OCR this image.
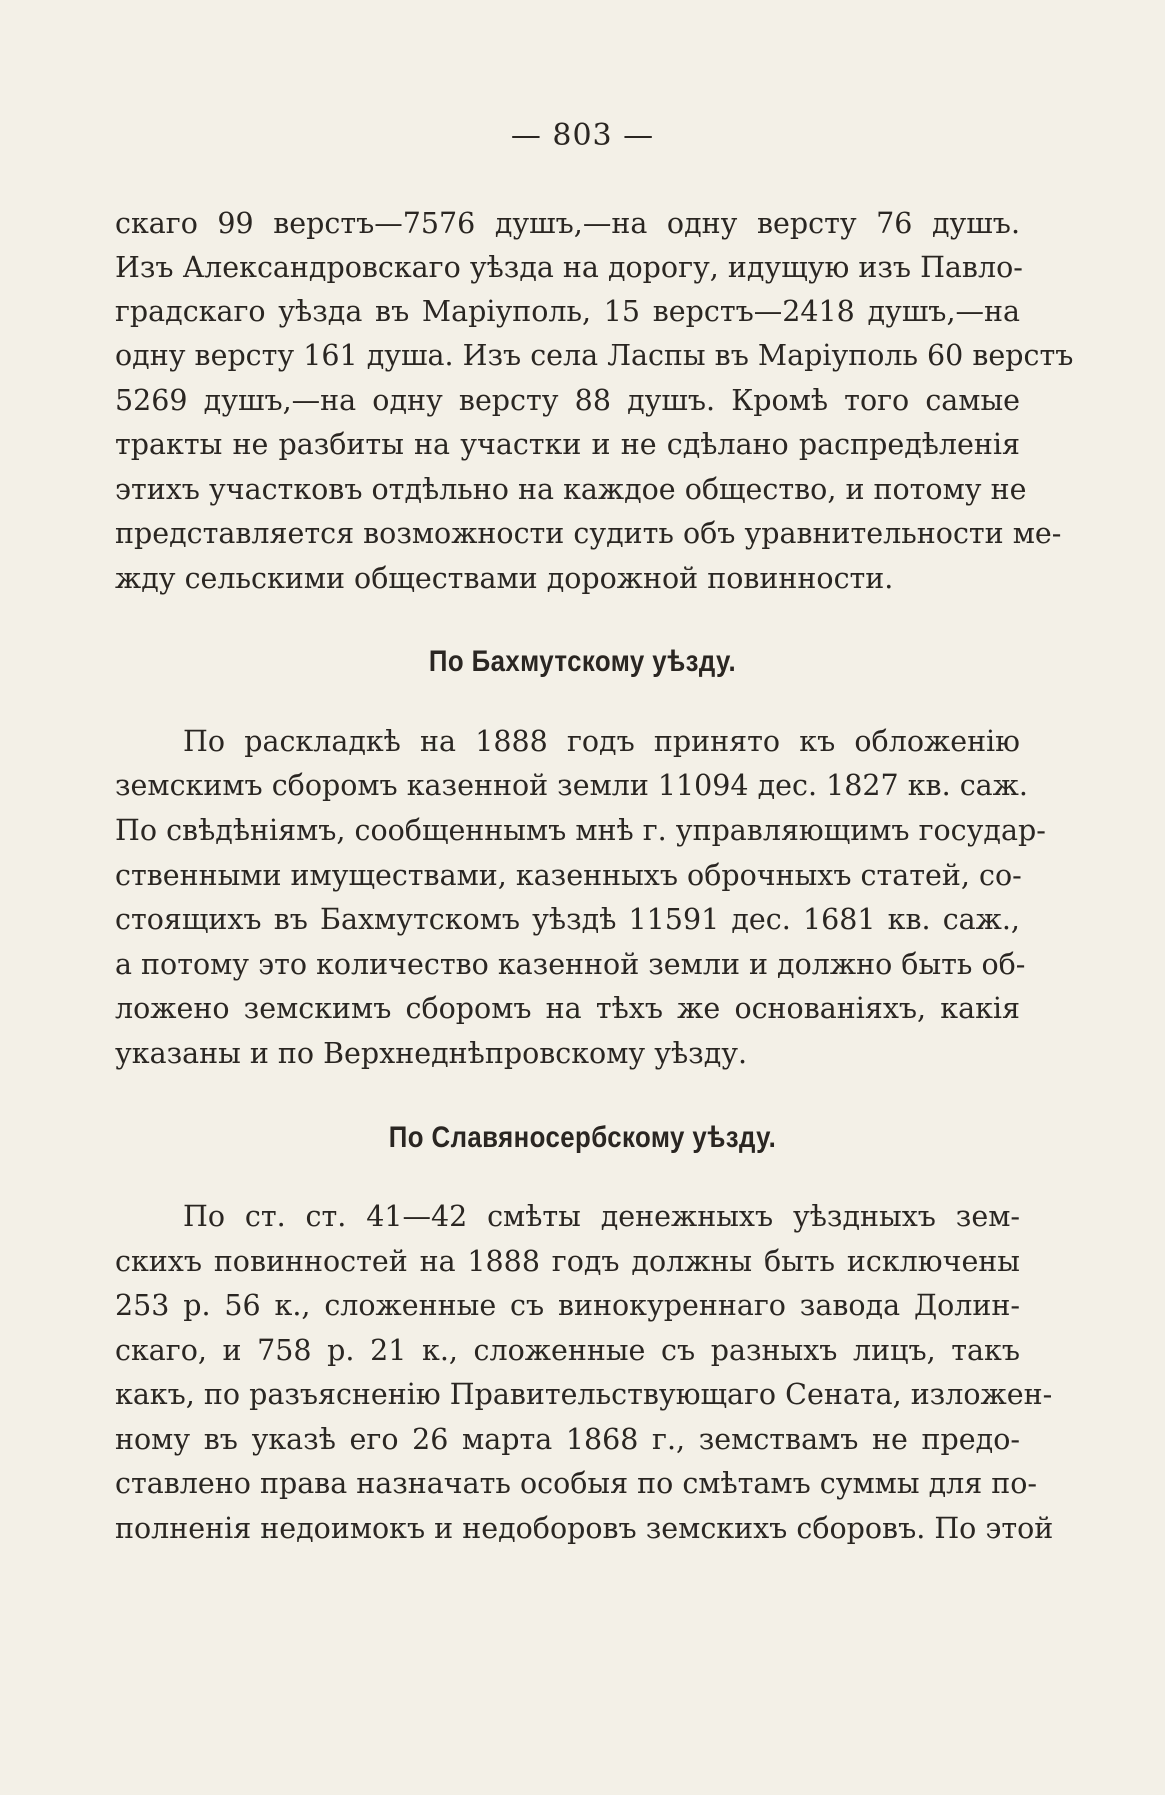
— 803 —
скаго 99 верстъ—7576 душъ,—на одну версту 76 душъ.
Изъ Александровскаго уѣзда на дорогу, идущую изъ Павло-
градскаго уѣзда въ Маріуполь, 15 верстъ—2418 душъ,—на
одну версту 161 душа. Изъ села Ласпы въ Маріуполь 60 верстъ
5269 душъ,—на одну версту 88 душъ. Кромѣ того самые
тракты не разбиты на участки и не сдѣлано распредѣленія
этихъ участковъ отдѣльно на каждое общество, и потому не
представляется возможности судить объ уравнительности ме-
жду сельскими обществами дорожной повинности.
По Бахмутскому уѣзду.
По раскладкѣ на 1888 годъ принято къ обложенію
земскимъ сборомъ казенной земли 11094 дес. 1827 кв. саж.
По свѣдѣніямъ, сообщеннымъ мнѣ г. управляющимъ государ-
ственными имуществами, казенныхъ оброчныхъ статей, со-
стоящихъ въ Бахмутскомъ уѣздѣ 11591 дес. 1681 кв. саж.,
а потому это количество казенной земли и должно быть об-
ложено земскимъ сборомъ на тѣхъ же основаніяхъ, какія
указаны и по Верхнеднѣпровскому уѣзду.
По Славяносербскому уѣзду.
По ст. ст. 41—42 смѣты денежныхъ уѣздныхъ зем-
скихъ повинностей на 1888 годъ должны быть исключены
253 р. 56 к., сложенные съ винокуреннаго завода Долин-
скаго, и 758 р. 21 к., сложенные съ разныхъ лицъ, такъ
какъ, по разъясненію Правительствующаго Сената, изложен-
ному въ указѣ его 26 марта 1868 г., земствамъ не предо-
ставлено права назначать особыя по смѣтамъ суммы для по-
полненія недоимокъ и недоборовъ земскихъ сборовъ. По этой
